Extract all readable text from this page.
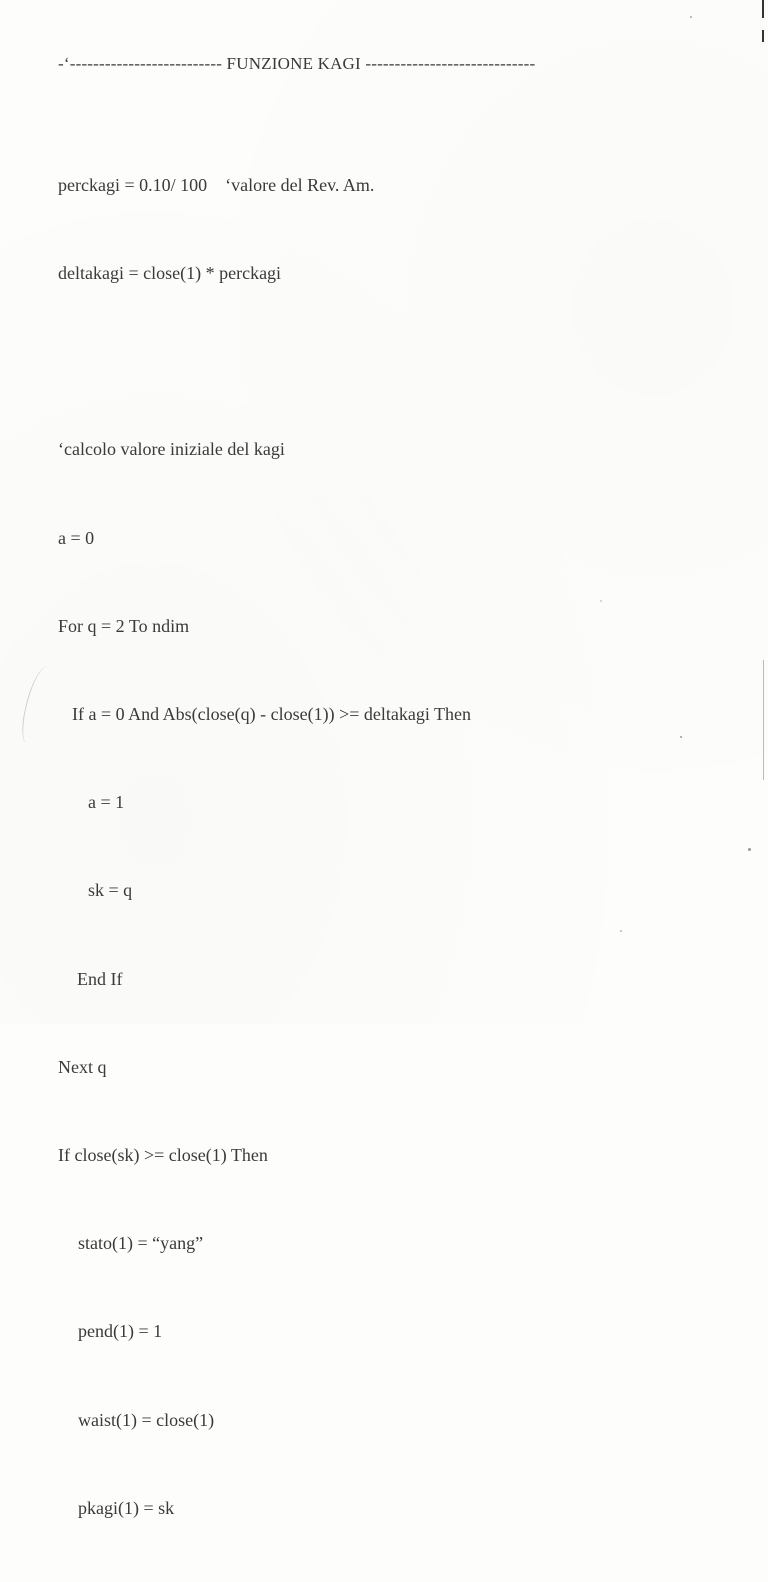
-‘-------------------------- FUNZIONE KAGI -----------------------------

perckagi = 0.10/ 100    ‘valore del Rev. Am.

deltakagi = close(1) * perckagi

‘calcolo valore iniziale del kagi

a = 0

For q = 2 To ndim

If a = 0 And Abs(close(q) - close(1)) >= deltakagi Then

a = 1

sk = q

End If

Next q

If close(sk) >= close(1) Then

stato(1) = “yang”

pend(1) = 1

waist(1) = close(1)

pkagi(1) = sk
